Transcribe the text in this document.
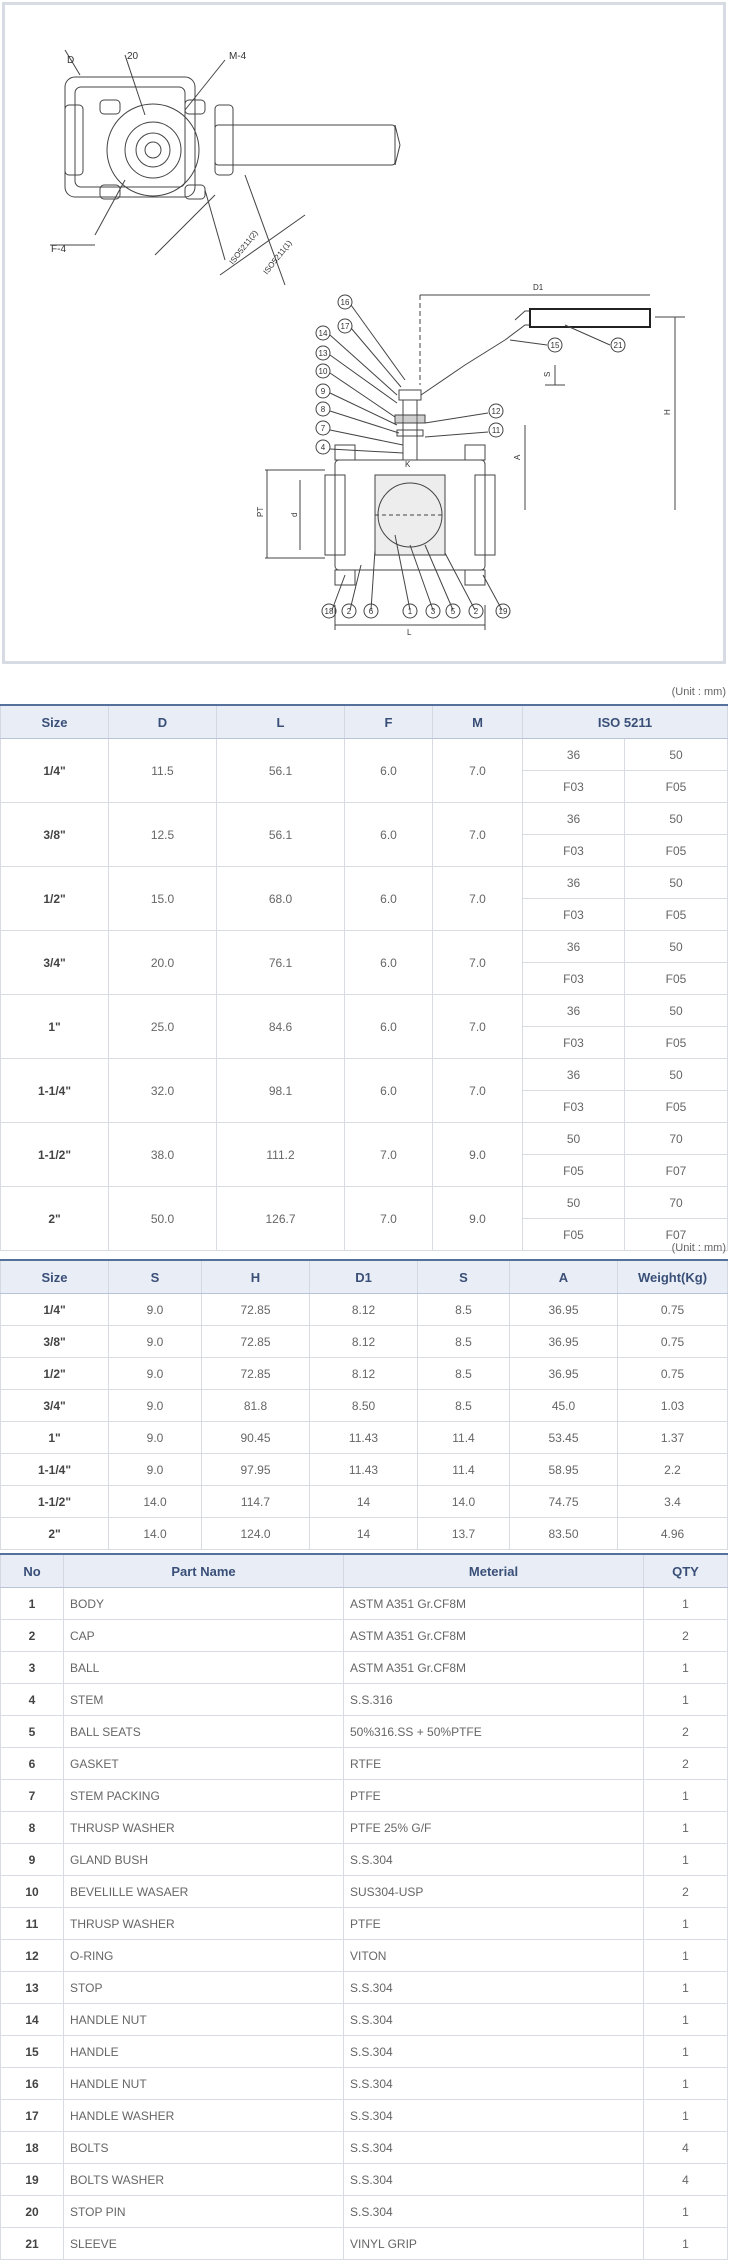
D	20	M-4
F-4	ISO5211(2) ISO5211(1)
D1
S
H
A
PT	d
L
K
16
17
14
13
10
9
8
7
4
15	21
12
11
18 2 6	1 3 5 2	19
(Unit : mm)
Size	D	L	F	M	ISO 5211	
1/4"	11.5	56.1	6.0	7.0	36	50
					F03	F05
3/8"	12.5	56.1	6.0	7.0	36	50
					F03	F05
1/2"	15.0	68.0	6.0	7.0	36	50
					F03	F05
3/4"	20.0	76.1	6.0	7.0	36	50
					F03	F05
1"	25.0	84.6	6.0	7.0	36	50
					F03	F05
1-1/4"	32.0	98.1	6.0	7.0	36	50
					F03	F05
1-1/2"	38.0	111.2	7.0	9.0	50	70
					F05	F07
2"	50.0	126.7	7.0	9.0	50	70
					F05	F07
(Unit : mm)
Size	S	H	D1	S	A	Weight(Kg)
1/4"	9.0	72.85	8.12	8.5	36.95	0.75
3/8"	9.0	72.85	8.12	8.5	36.95	0.75
1/2"	9.0	72.85	8.12	8.5	36.95	0.75
3/4"	9.0	81.8	8.50	8.5	45.0	1.03
1"	9.0	90.45	11.43	11.4	53.45	1.37
1-1/4"	9.0	97.95	11.43	11.4	58.95	2.2
1-1/2"	14.0	114.7	14	14.0	74.75	3.4
2"	14.0	124.0	14	13.7	83.50	4.96
No	Part Name	Meterial	QTY
1	BODY	ASTM A351 Gr.CF8M	1
2	CAP	ASTM A351 Gr.CF8M	2
3	BALL	ASTM A351 Gr.CF8M	1
4	STEM	S.S.316	1
5	BALL SEATS	50%316.SS + 50%PTFE	2
6	GASKET	RTFE	2
7	STEM PACKING	PTFE	1
8	THRUSP WASHER	PTFE 25% G/F	1
9	GLAND BUSH	S.S.304	1
10	BEVELILLE WASAER	SUS304-USP	2
11	THRUSP WASHER	PTFE	1
12	O-RING	VITON	1
13	STOP	S.S.304	1
14	HANDLE NUT	S.S.304	1
15	HANDLE	S.S.304	1
16	HANDLE NUT	S.S.304	1
17	HANDLE WASHER	S.S.304	1
18	BOLTS	S.S.304	4
19	BOLTS WASHER	S.S.304	4
20	STOP PIN	S.S.304	1
21	SLEEVE	VINYL GRIP	1
